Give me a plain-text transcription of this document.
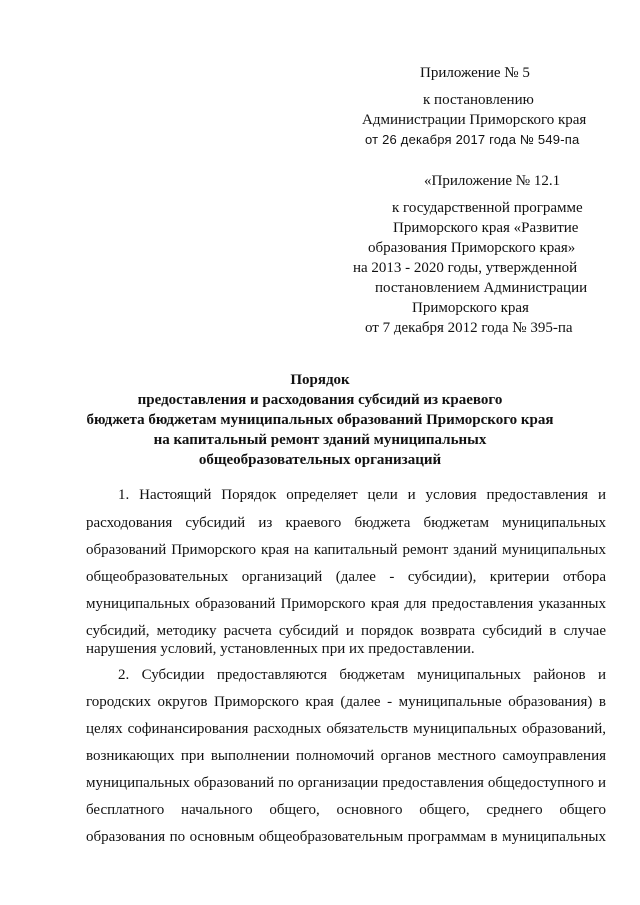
Приложение № 5
к постановлению
Администрации Приморского края
от 26 декабря 2017 года № 549-па
«Приложение № 12.1
к государственной программе
Приморского края «Развитие
образования Приморского края»
на 2013 - 2020 годы, утвержденной
постановлением Администрации
Приморского края
от 7 декабря 2012 года № 395-па
Порядок
предоставления и расходования субсидий из краевого
бюджета бюджетам муниципальных образований Приморского края
на капитальный ремонт зданий муниципальных
общеобразовательных организаций
1. Настоящий Порядок определяет цели и условия предоставления и
расходования субсидий из краевого бюджета бюджетам муниципальных
образований Приморского края на капитальный ремонт зданий муниципальных
общеобразовательных организаций (далее - субсидии), критерии отбора
муниципальных образований Приморского края для предоставления указанных
субсидий, методику расчета субсидий и порядок возврата субсидий в случае
нарушения условий, установленных при их предоставлении.
2. Субсидии предоставляются бюджетам муниципальных районов и
городских округов Приморского края (далее - муниципальные образования) в
целях софинансирования расходных обязательств муниципальных образований,
возникающих при выполнении полномочий органов местного самоуправления
муниципальных образований по организации предоставления общедоступного и
бесплатного начального общего, основного общего, среднего общего
образования по основным общеобразовательным программам в муниципальных
